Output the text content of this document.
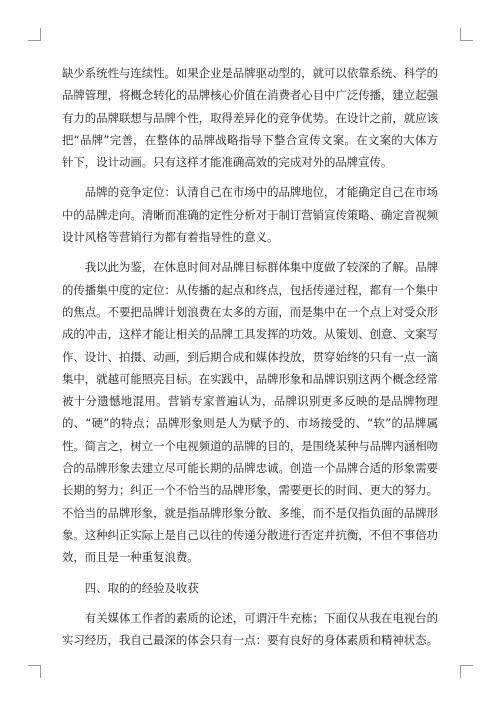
缺少系统性与连续性。如果企业是品牌驱动型的，就可以依靠系统、科学的品牌管理，将概念转化的品牌核心价值在消费者心目中广泛传播，建立起强有力的品牌联想与品牌个性，取得差异化的竞争优势。在设计之前，就应该把“品牌”完善，在整体的品牌战略指导下整合宣传文案。在文案的大体方针下，设计动画。只有这样才能准确高效的完成对外的品牌宣传。

品牌的竞争定位：认清自己在市场中的品牌地位，才能确定自己在市场中的品牌走向。清晰而准确的定性分析对于制订营销宣传策略、确定音视频设计风格等营销行为都有着指导性的意义。

我以此为鉴，在休息时间对品牌目标群体集中度做了较深的了解。品牌的传播集中度的定位：从传播的起点和终点，包括传递过程，都有一个集中的焦点。不要把品牌计划浪费在太多的方面，而是集中在一个点上对受众形成的冲击，这样才能让相关的品牌工具发挥的功效。从策划、创意、文案写作、设计、拍摄、动画，到后期合成和媒体投放，贯穿始终的只有一点一滴集中，就越可能照亮目标。在实践中，品牌形象和品牌识别这两个概念经常被十分遗憾地混用。营销专家普遍认为，品牌识别更多反映的是品牌物理的、“硬”的特点；品牌形象则是人为赋予的、市场接受的、“软”的品牌属性。简言之，树立一个电视频道的品牌的目的，是围绕某种与品牌内涵相吻合的品牌形象去建立尽可能长期的品牌忠诚。创造一个品牌合适的形象需要长期的努力；纠正一个不恰当的品牌形象，需要更长的时间、更大的努力。不恰当的品牌形象，就是指品牌形象分散、多维，而不是仅指负面的品牌形象。这种纠正实际上是自己以往的传递分散进行否定并抗衡，不但不事倍功效，而且是一种重复浪费。

四、取的的经验及收获

有关媒体工作者的素质的论述，可谓汗牛充栋；下面仅从我在电视台的实习经历，我自己最深的体会只有一点：要有良好的身体素质和精神状态。
